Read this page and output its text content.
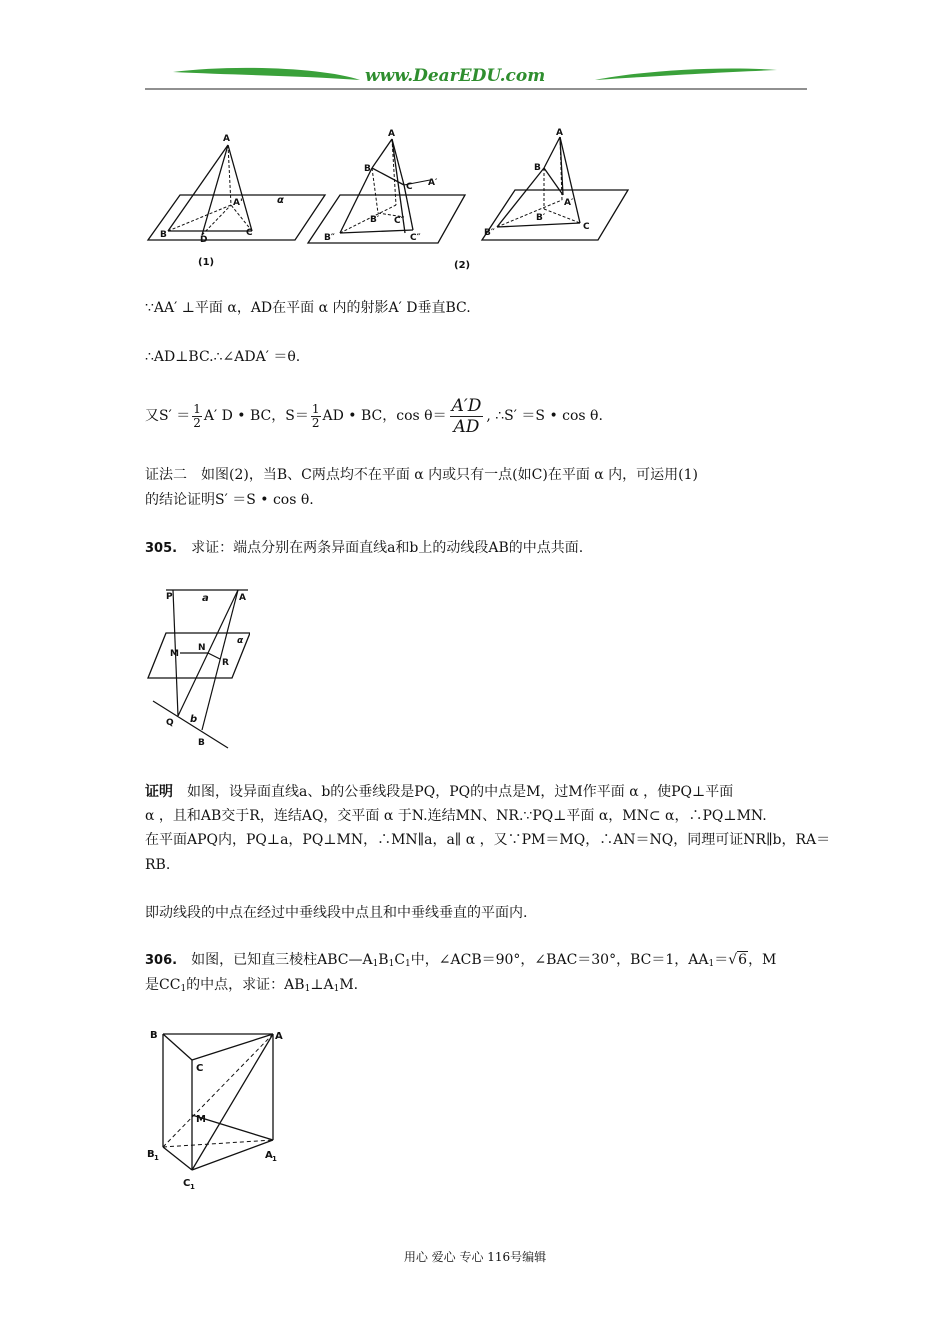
www.DearEDU.com
A
A'
B	C
D
α
(1)
A
B
C A′
B″
B′ C′
C″
(2)
A
B
A′
B′
B″
C
∵AA′ ⊥平面 α，AD在平面 α 内的射影A′ D垂直BC.
∴AD⊥BC.∴∠ADA′ ＝θ.
又$S' = \frac{1}{2} A'$ D • BC，$S= \frac{1}{2}$ AD • BC，$\cos \theta= \frac{A'D}{AD}$ , ∴S′ ＝S • cos θ.
证法二　如图(2)，当B、C两点均不在平面 α 内或只有一点(如C)在平面 α 内，可运用(1)
的结论证明S′ ＝S • cos θ.
305.　求证：端点分别在两条异面直线a和b上的动线段AB的中点共面.
P	a	A
α
M
N
R
Q b
B
证明　如图，设异面直线a、b的公垂线段是PQ，PQ的中点是M，过M作平面 α ，使PQ⊥平面
α ，且和AB交于R，连结AQ，交平面 α 于N.连结MN、NR.∵PQ⊥平面 α，MN⊂ α，∴PQ⊥MN.
在平面APQ内，PQ⊥a，PQ⊥MN，∴MN∥a，a∥ α ，又∵PM＝MQ，∴AN＝NQ，同理可证NR∥b，RA＝
RB.
即动线段的中点在经过中垂线段中点且和中垂线垂直的平面内.
306.　如图，已知直三棱柱$ABC—A_1B_1C_1$中，∠ACB＝90°，∠BAC＝30°，BC＝1，$AA_1=√6$，M
是$CC_1$的中点，求证：$AB_1\perp A_1M$.
B	A
C
M
B 1	A 1
C 1
用心 爱心 专心 116号编辑
